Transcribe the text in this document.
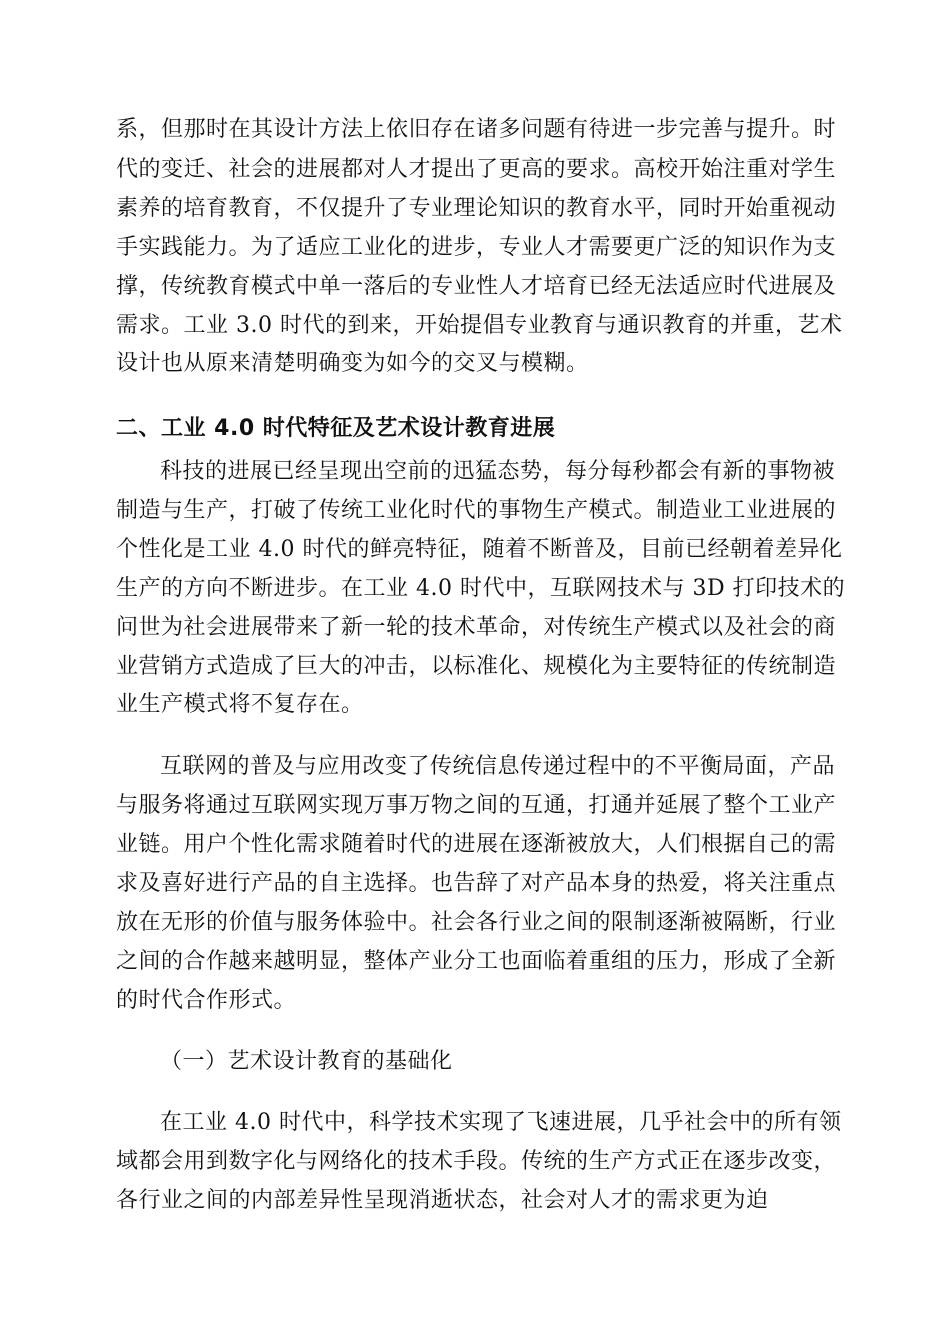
系，但那时在其设计方法上依旧存在诸多问题有待进一步完善与提升。时
代的变迁、社会的进展都对人才提出了更高的要求。高校开始注重对学生
素养的培育教育，不仅提升了专业理论知识的教育水平，同时开始重视动
手实践能力。为了适应工业化的进步，专业人才需要更广泛的知识作为支
撑，传统教育模式中单一落后的专业性人才培育已经无法适应时代进展及
需求。工业 3.0 时代的到来，开始提倡专业教育与通识教育的并重，艺术
设计也从原来清楚明确变为如今的交叉与模糊。
二、工业 4.0 时代特征及艺术设计教育进展
科技的进展已经呈现出空前的迅猛态势，每分每秒都会有新的事物被
制造与生产，打破了传统工业化时代的事物生产模式。制造业工业进展的
个性化是工业 4.0 时代的鲜亮特征，随着不断普及，目前已经朝着差异化
生产的方向不断进步。在工业 4.0 时代中，互联网技术与 3D 打印技术的
问世为社会进展带来了新一轮的技术革命，对传统生产模式以及社会的商
业营销方式造成了巨大的冲击，以标准化、规模化为主要特征的传统制造
业生产模式将不复存在。
互联网的普及与应用改变了传统信息传递过程中的不平衡局面，产品
与服务将通过互联网实现万事万物之间的互通，打通并延展了整个工业产
业链。用户个性化需求随着时代的进展在逐渐被放大，人们根据自己的需
求及喜好进行产品的自主选择。也告辞了对产品本身的热爱，将关注重点
放在无形的价值与服务体验中。社会各行业之间的限制逐渐被隔断，行业
之间的合作越来越明显，整体产业分工也面临着重组的压力，形成了全新
的时代合作形式。
（一）艺术设计教育的基础化
在工业 4.0 时代中，科学技术实现了飞速进展，几乎社会中的所有领
域都会用到数字化与网络化的技术手段。传统的生产方式正在逐步改变，
各行业之间的内部差异性呈现消逝状态，社会对人才的需求更为迫
